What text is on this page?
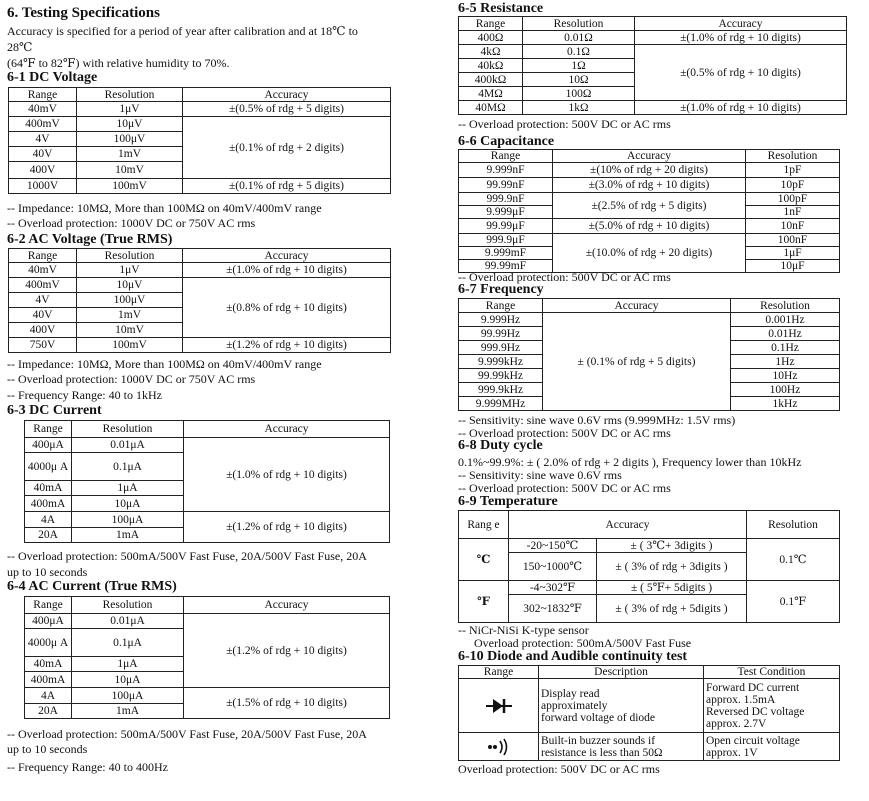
6. Testing Specifications
Accuracy is specified for a period of year after calibration and at 18℃ to
28℃
(64℉ to 82℉) with relative humidity to 70%.
6-1 DC Voltage
Range	Resolution	Accuracy
40mV	1μV	±(0.5% of rdg + 5 digits)
400mV	10μV	±(0.1% of rdg + 2 digits)
4V	100μV	
40V	1mV	
400V	10mV	
1000V	100mV	±(0.1% of rdg + 5 digits)
-- Impedance: 10MΩ, More than 100MΩ on 40mV/400mV range
-- Overload protection: 1000V DC or 750V AC rms
6-2 AC Voltage (True RMS)
Range	Resolution	Accuracy
40mV	1μV	±(1.0% of rdg + 10 digits)
400mV	10μV	±(0.8% of rdg + 10 digits)
4V	100μV	
40V	1mV	
400V	10mV	
750V	100mV	±(1.2% of rdg + 10 digits)
-- Impedance: 10MΩ, More than 100MΩ on 40mV/400mV range
-- Overload protection: 1000V DC or 750V AC rms
-- Frequency Range: 40 to 1kHz
6-3 DC Current
Range	Resolution	Accuracy
400μA	0.01μA	±(1.0% of rdg + 10 digits)
4000μ A	0.1μA	
40mA	1μA	
400mA	10μA	
4A	100μA	±(1.2% of rdg + 10 digits)
20A	1mA	
-- Overload protection: 500mA/500V Fast Fuse, 20A/500V Fast Fuse, 20A
up to 10 seconds
6-4 AC Current (True RMS)
Range	Resolution	Accuracy
400μA	0.01μA	±(1.2% of rdg + 10 digits)
4000μ A	0.1μA	
40mA	1μA	
400mA	10μA	
4A	100μA	±(1.5% of rdg + 10 digits)
20A	1mA	
-- Overload protection: 500mA/500V Fast Fuse, 20A/500V Fast Fuse, 20A
up to 10 seconds
-- Frequency Range: 40 to 400Hz
6-5 Resistance
Range	Resolution	Accuracy
400Ω	0.01Ω	±(1.0% of rdg + 10 digits)
4kΩ	0.1Ω	±(0.5% of rdg + 10 digits)
40kΩ	1Ω	
400kΩ	10Ω	
4MΩ	100Ω	
40MΩ	1kΩ	±(1.0% of rdg + 10 digits)
-- Overload protection: 500V DC or AC rms
6-6 Capacitance
Range	Accuracy	Resolution
9.999nF	±(10% of rdg + 20 digits)	1pF
99.99nF	±(3.0% of rdg + 10 digits)	10pF
999.9nF	±(2.5% of rdg + 5 digits)	100pF
9.999μF		1nF
99.99μF	±(5.0% of rdg + 10 digits)	10nF
999.9μF	±(10.0% of rdg + 20 digits)	100nF
9.999mF		1μF
99.99mF		10μF
-- Overload protection: 500V DC or AC rms
6-7 Frequency
Range	Accuracy	Resolution
9.999Hz	± (0.1% of rdg + 5 digits)	0.001Hz
99.99Hz		0.01Hz
999.9Hz		0.1Hz
9.999kHz		1Hz
99.99kHz		10Hz
999.9kHz		100Hz
9.999MHz		1kHz
-- Sensitivity: sine wave 0.6V rms (9.999MHz: 1.5V rms)
-- Overload protection: 500V DC or AC rms
6-8 Duty cycle
0.1%~99.9%: ± ( 2.0% of rdg + 2 digits ), Frequency lower than 10kHz
-- Sensitivity: sine wave 0.6V rms
-- Overload protection: 500V DC or AC rms
6-9 Temperature
Rang e	Accuracy		Resolution
℃	-20~150℃	± ( 3℃+ 3digits )	0.1℃
	150~1000℃	± ( 3% of rdg + 3digits )	
℉	-4~302℉	± ( 5℉+ 5digits )	0.1℉
	302~1832℉	± ( 3% of rdg + 5digits )	
-- NiCr-NiSi K-type sensor
Overload protection: 500mA/500V Fast Fuse
6-10 Diode and Audible continuity test
Range	Description	Test Condition

Display read
approximately
forward voltage of diode	Forward DC current
approx. 1.5mA
Reversed DC voltage
approx. 2.7V

Built-in buzzer sounds if
resistance is less than 50Ω	Open circuit voltage
approx. 1V
Overload protection: 500V DC or AC rms
